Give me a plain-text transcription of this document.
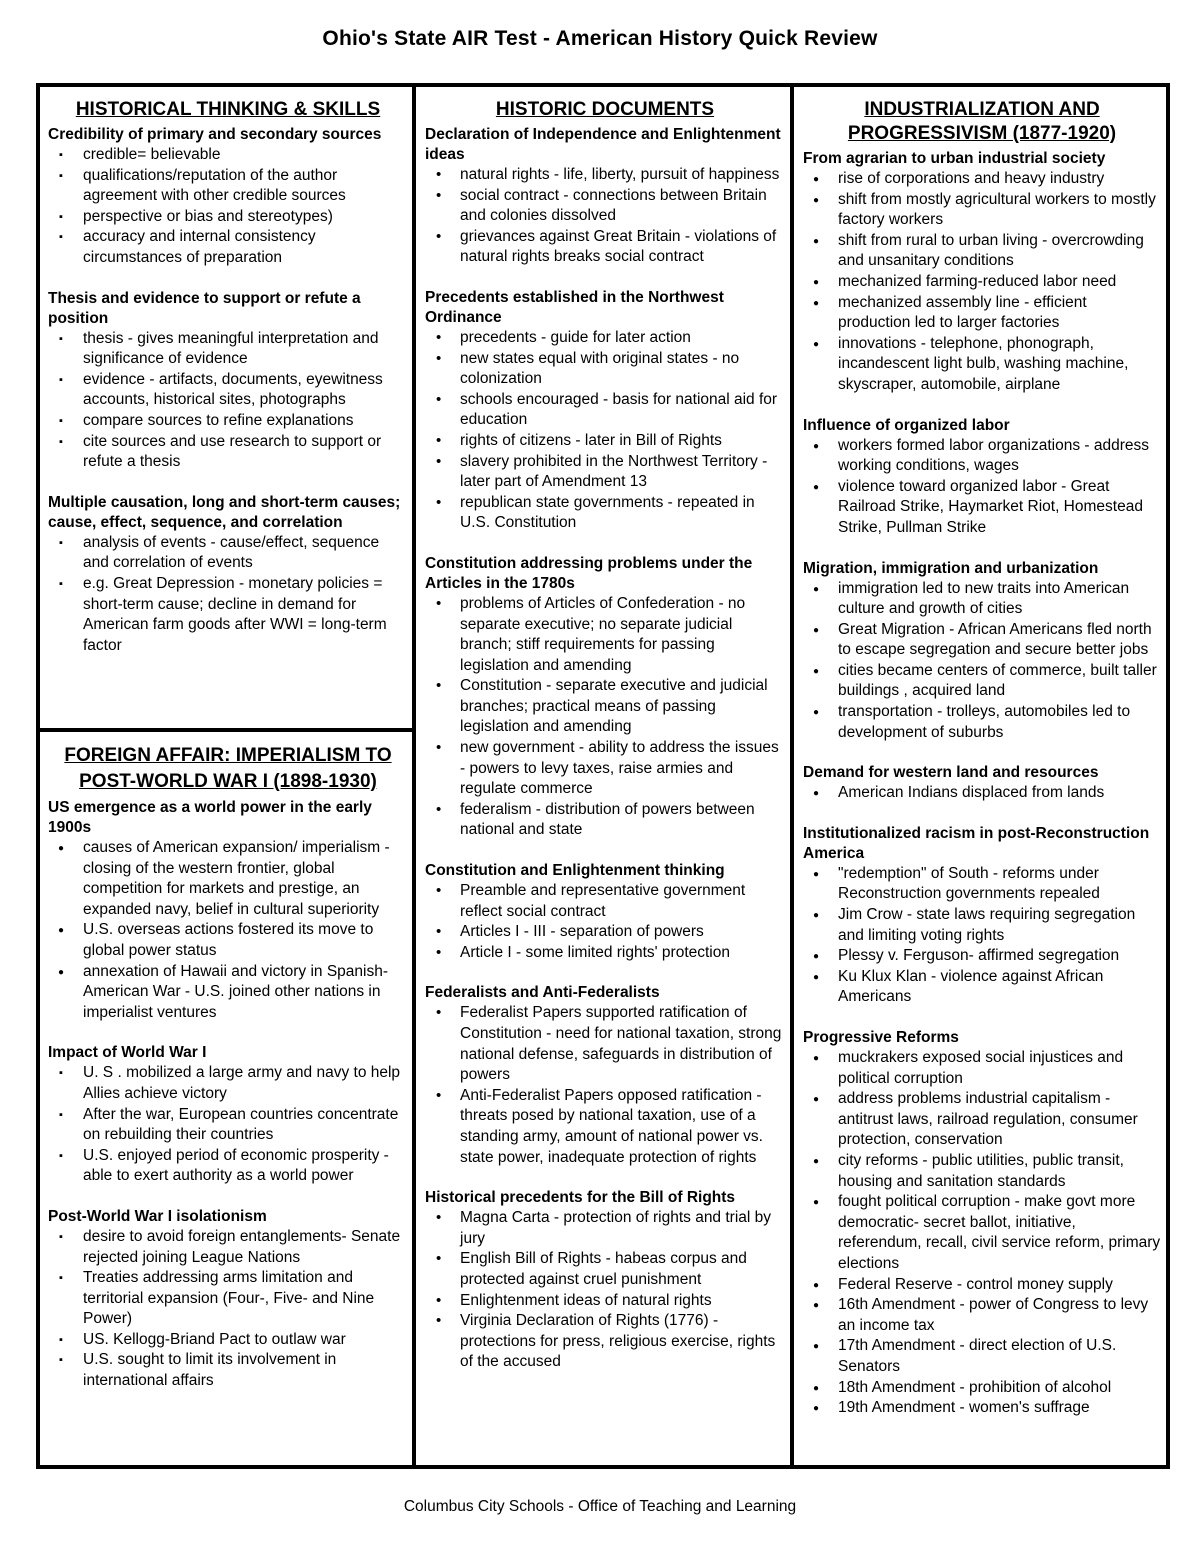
Ohio's State AIR Test - American History Quick Review
HISTORICAL THINKING & SKILLS
Credibility of primary and secondary sources
▪ credible= believable
▪ qualifications/reputation of the author agreement with other credible sources
▪ perspective or bias and stereotypes)
▪ accuracy and internal consistency circumstances of preparation
Thesis and evidence to support or refute a position
▪ thesis - gives meaningful interpretation and significance of evidence
▪ evidence - artifacts, documents, eyewitness accounts, historical sites, photographs
▪ compare sources to refine explanations
▪ cite sources and use research to support or refute a thesis
Multiple causation, long and short-term causes; cause, effect, sequence, and correlation
▪ analysis of events - cause/effect, sequence and correlation of events
▪ e.g. Great Depression - monetary policies = short-term cause; decline in demand for American farm goods after WWI = long-term factor
FOREIGN AFFAIR: IMPERIALISM TO POST-WORLD WAR I (1898-1930)
US emergence as a world power in the early 1900s
● causes of American expansion/ imperialism - closing of the western frontier, global competition for markets and prestige, an expanded navy, belief in cultural superiority
● U.S. overseas actions fostered its move to global power status
● annexation of Hawaii and victory in Spanish-American War - U.S. joined other nations in imperialist ventures
Impact of World War I
▪ U. S . mobilized a large army and navy to help Allies achieve victory
▪ After the war, European countries concentrate on rebuilding their countries
▪ U.S. enjoyed period of economic prosperity - able to exert authority as a world power
Post-World War I isolationism
▪ desire to avoid foreign entanglements- Senate rejected joining League Nations
▪ Treaties addressing arms limitation and territorial expansion (Four-, Five- and Nine Power)
▪ US. Kellogg-Briand Pact to outlaw war
▪ U.S. sought to limit its involvement in international affairs
HISTORIC DOCUMENTS
Declaration of Independence and Enlightenment ideas
• natural rights - life, liberty, pursuit of happiness
• social contract - connections between Britain and colonies dissolved
• grievances against Great Britain - violations of natural rights breaks social contract
Precedents established in the Northwest Ordinance
• precedents - guide for later action
• new states equal with original states - no colonization
• schools encouraged - basis for national aid for education
• rights of citizens - later in Bill of Rights
• slavery prohibited in the Northwest Territory - later part of Amendment 13
• republican state governments - repeated in U.S. Constitution
Constitution addressing problems under the Articles in the 1780s
• problems of Articles of Confederation - no separate executive; no separate judicial branch; stiff requirements for passing legislation and amending
• Constitution - separate executive and judicial branches; practical means of passing legislation and amending
• new government - ability to address the issues - powers to levy taxes, raise armies and regulate commerce
• federalism - distribution of powers between national and state
Constitution and Enlightenment thinking
• Preamble and representative government reflect social contract
• Articles I - III - separation of powers
• Article I - some limited rights' protection
Federalists and Anti-Federalists
• Federalist Papers supported ratification of Constitution - need for national taxation, strong national defense, safeguards in distribution of powers
• Anti-Federalist Papers opposed ratification - threats posed by national taxation, use of a standing army, amount of national power vs. state power, inadequate protection of rights
Historical precedents for the Bill of Rights
• Magna Carta - protection of rights and trial by jury
• English Bill of Rights - habeas corpus and protected against cruel punishment
• Enlightenment ideas of natural rights
• Virginia Declaration of Rights (1776) - protections for press, religious exercise, rights of the accused
INDUSTRIALIZATION AND PROGRESSIVISM (1877-1920)
From agrarian to urban industrial society
● rise of corporations and heavy industry
● shift from mostly agricultural workers to mostly factory workers
● shift from rural to urban living - overcrowding and unsanitary conditions
● mechanized farming-reduced labor need
● mechanized assembly line - efficient production led to larger factories
● innovations - telephone, phonograph, incandescent light bulb, washing machine, skyscraper, automobile, airplane
Influence of organized labor
● workers formed labor organizations - address working conditions, wages
● violence toward organized labor - Great Railroad Strike, Haymarket Riot, Homestead Strike, Pullman Strike
Migration, immigration and urbanization
● immigration led to new traits into American culture and growth of cities
● Great Migration - African Americans fled north to escape segregation and secure better jobs
● cities became centers of commerce, built taller buildings , acquired land
● transportation - trolleys, automobiles led to development of suburbs
Demand for western land and resources
● American Indians displaced from lands
Institutionalized racism in post-Reconstruction America
● "redemption" of South - reforms under Reconstruction governments repealed
● Jim Crow - state laws requiring segregation and limiting voting rights
● Plessy v. Ferguson- affirmed segregation
● Ku Klux Klan - violence against African Americans
Progressive Reforms
● muckrakers exposed social injustices and political corruption
● address problems industrial capitalism - antitrust laws, railroad regulation, consumer protection, conservation
● city reforms - public utilities, public transit, housing and sanitation standards
● fought political corruption - make govt more democratic- secret ballot, initiative, referendum, recall, civil service reform, primary elections
● Federal Reserve - control money supply
● 16th Amendment - power of Congress to levy an income tax
● 17th Amendment - direct election of U.S. Senators
● 18th Amendment - prohibition of alcohol
● 19th Amendment - women's suffrage
Columbus City Schools - Office of Teaching and Learning
